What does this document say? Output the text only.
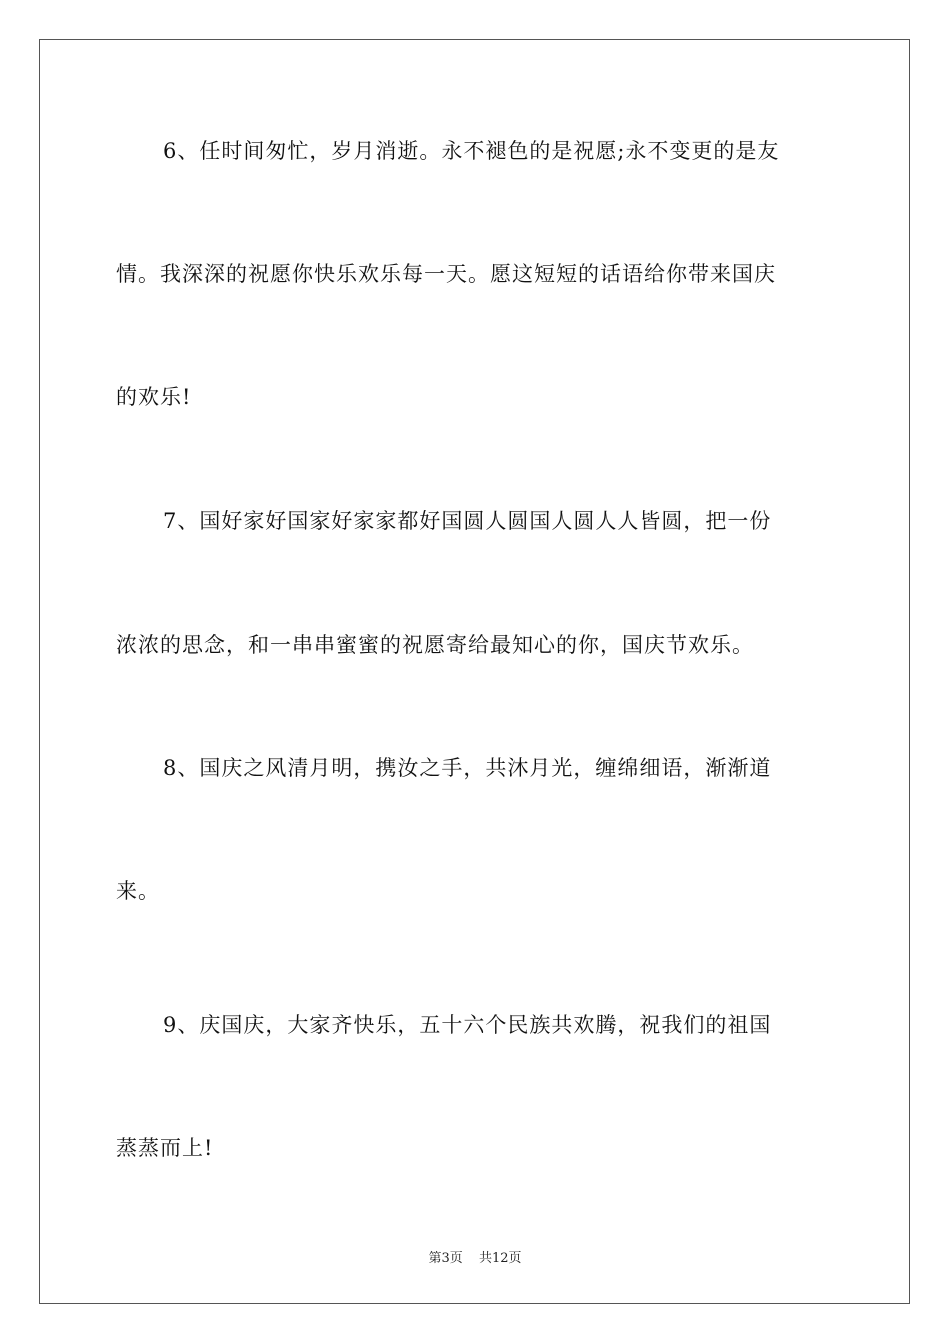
6、任时间匆忙，岁月消逝。永不褪色的是祝愿;永不变更的是友
情。我深深的祝愿你快乐欢乐每一天。愿这短短的话语给你带来国庆
的欢乐!
7、国好家好国家好家家都好国圆人圆国人圆人人皆圆，把一份
浓浓的思念，和一串串蜜蜜的祝愿寄给最知心的你，国庆节欢乐。
8、国庆之风清月明，携汝之手，共沐月光，缠绵细语，渐渐道
来。
9、庆国庆，大家齐快乐，五十六个民族共欢腾，祝我们的祖国
蒸蒸而上!
第3页 共12页
